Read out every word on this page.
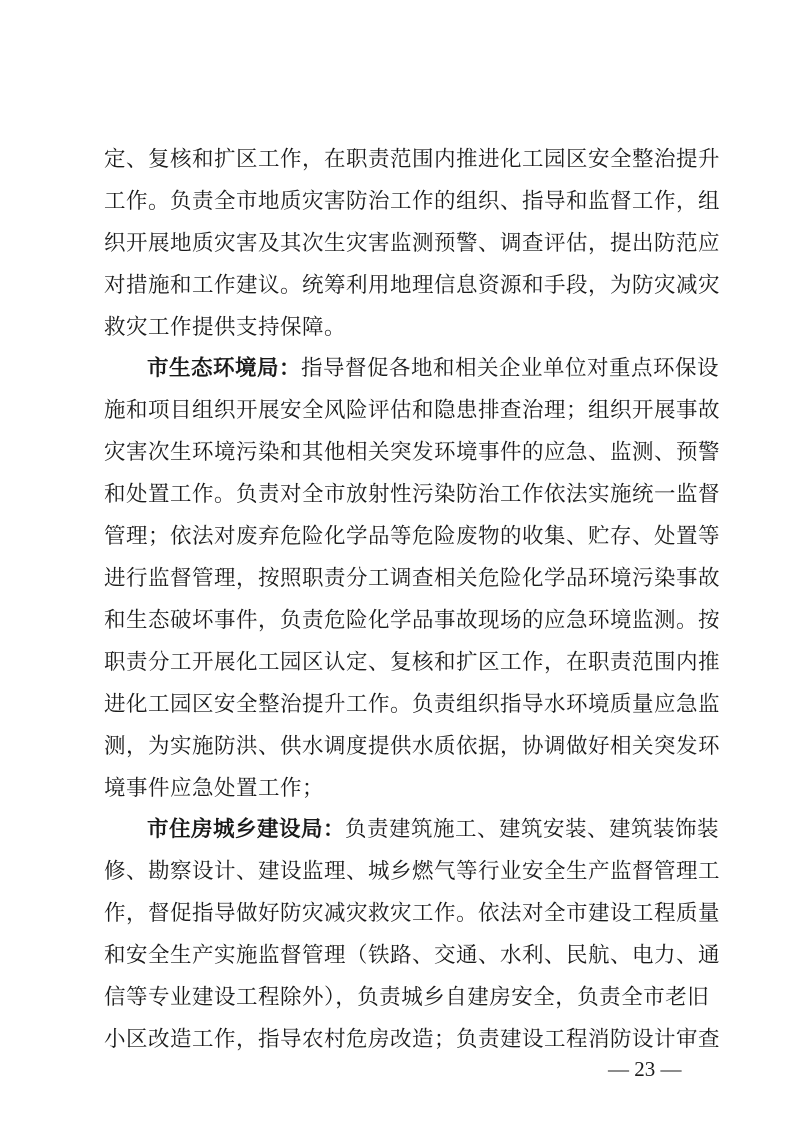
定、复核和扩区工作，在职责范围内推进化工园区安全整治提升
工作。负责全市地质灾害防治工作的组织、指导和监督工作，组
织开展地质灾害及其次生灾害监测预警、调查评估，提出防范应
对措施和工作建议。统筹利用地理信息资源和手段，为防灾减灾
救灾工作提供支持保障。
市生态环境局：指导督促各地和相关企业单位对重点环保设
施和项目组织开展安全风险评估和隐患排查治理；组织开展事故
灾害次生环境污染和其他相关突发环境事件的应急、监测、预警
和处置工作。负责对全市放射性污染防治工作依法实施统一监督
管理；依法对废弃危险化学品等危险废物的收集、贮存、处置等
进行监督管理，按照职责分工调查相关危险化学品环境污染事故
和生态破坏事件，负责危险化学品事故现场的应急环境监测。按
职责分工开展化工园区认定、复核和扩区工作，在职责范围内推
进化工园区安全整治提升工作。负责组织指导水环境质量应急监
测，为实施防洪、供水调度提供水质依据，协调做好相关突发环
境事件应急处置工作；
市住房城乡建设局：负责建筑施工、建筑安装、建筑装饰装
修、勘察设计、建设监理、城乡燃气等行业安全生产监督管理工
作，督促指导做好防灾减灾救灾工作。依法对全市建设工程质量
和安全生产实施监督管理（铁路、交通、水利、民航、电力、通
信等专业建设工程除外），负责城乡自建房安全，负责全市老旧
小区改造工作，指导农村危房改造；负责建设工程消防设计审查
— 23 —
